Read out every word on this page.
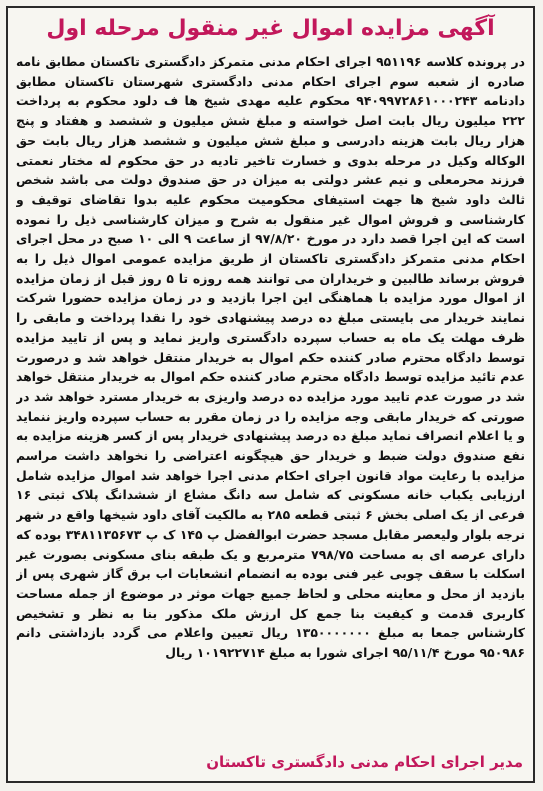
آگهی مزایده اموال غیر منقول مرحله اول
در پرونده کلاسه ۹۵۱۱۹۶ اجرای احکام مدنی متمرکز دادگستری تاکستان مطابق نامه صادره از شعبه سوم اجرای احکام مدنی دادگستری شهرستان تاکستان مطابق دادنامه ۹۴۰۹۹۷۲۸۶۱۰۰۰۲۴۳ محکوم علیه مهدی شیخ ها ف دلود محکوم به پرداخت ۲۲۲ میلیون ریال بابت اصل خواسته و مبلغ شش میلیون و ششصد و هفتاد و پنج هزار ریال بابت هزینه دادرسی و مبلغ شش میلیون و ششصد هزار ریال بابت حق الوکاله وکیل در مرحله بدوی و خسارت تاخیر تادیه در حق محکوم له مختار نعمتی فرزند محرمعلی و نیم عشر دولتی به میزان در حق صندوق دولت می باشد شخص ثالث داود شیخ ها جهت استیفای محکومیت محکوم علیه بدوا تقاضای توقیف و کارشناسی و فروش اموال غیر منقول به شرح و میزان کارشناسی ذیل را نموده است که این اجرا قصد دارد در مورخ ۹۷/۸/۲۰ از ساعت ۹ الی ۱۰ صبح در محل اجرای احکام مدنی متمرکز دادگستری تاکستان از طریق مزایده عمومی اموال ذیل را به فروش برساند طالبین و خریداران می توانند همه روزه تا ۵ روز قبل از زمان مزایده از اموال مورد مزایده با هماهنگی این اجرا بازدید و در زمان مزایده حضورا شرکت نمایند خریدار می بایستی مبلغ ده درصد پیشنهادی خود را نقدا پرداخت و مابقی را ظرف مهلت یک ماه به حساب سپرده دادگستری واریز نماید و پس از تایید مزایده توسط دادگاه محترم صادر کننده حکم اموال به خریدار منتقل خواهد شد و درصورت عدم تائید مزایده توسط دادگاه محترم صادر کننده حکم اموال به خریدار منتقل خواهد شد در صورت عدم تایید مورد مزایده ده درصد واریزی به خریدار مسترد خواهد شد در صورتی که خریدار مابقی وجه مزایده را در زمان مقرر به حساب سپرده واریز ننماید و یا اعلام انصراف نماید مبلغ ده درصد پیشنهادی خریدار پس از کسر هزینه مزایده به نفع صندوق دولت ضبط و خریدار حق هیچگونه اعتراضی را نخواهد داشت مراسم مزایده با رعایت مواد قانون اجرای احکام مدنی اجرا خواهد شد اموال مزایده شامل ارزیابی یکباب خانه مسکونی که شامل سه دانگ مشاع از ششدانگ پلاک ثبتی ۱۶ فرعی از یک اصلی بخش ۶ ثبتی قطعه ۲۸۵ به مالکیت آقای داود شیخها واقع در شهر نرجه بلوار ولیعصر مقابل مسجد حضرت ابوالفضل پ ۱۴۵ ک پ ۳۴۸۱۱۳۵۶۷۳ بوده که دارای عرصه ای به مساحت ۷۹۸/۷۵ مترمربع و یک طبقه بنای مسکونی بصورت غیر اسکلت با سقف چوبی غیر فنی بوده به انضمام انشعابات اب برق گاز شهری پس از بازدید از محل و معاینه محلی و لحاظ جمیع جهات موثر در موضوع از جمله مساحت کاربری قدمت و کیفیت بنا جمع کل ارزش ملک مذکور بنا به نظر و تشخیص کارشناس جمعا به مبلغ ۱۳۵۰۰۰۰۰۰۰ ریال تعیین واعلام می گردد بازداشتی دانم ۹۵۰۹۸۶ مورخ ۹۵/۱۱/۴ اجرای شورا به مبلغ ۱۰۱۹۲۲۷۱۴ ریال
مدیر اجرای احکام مدنی دادگستری تاکستان
